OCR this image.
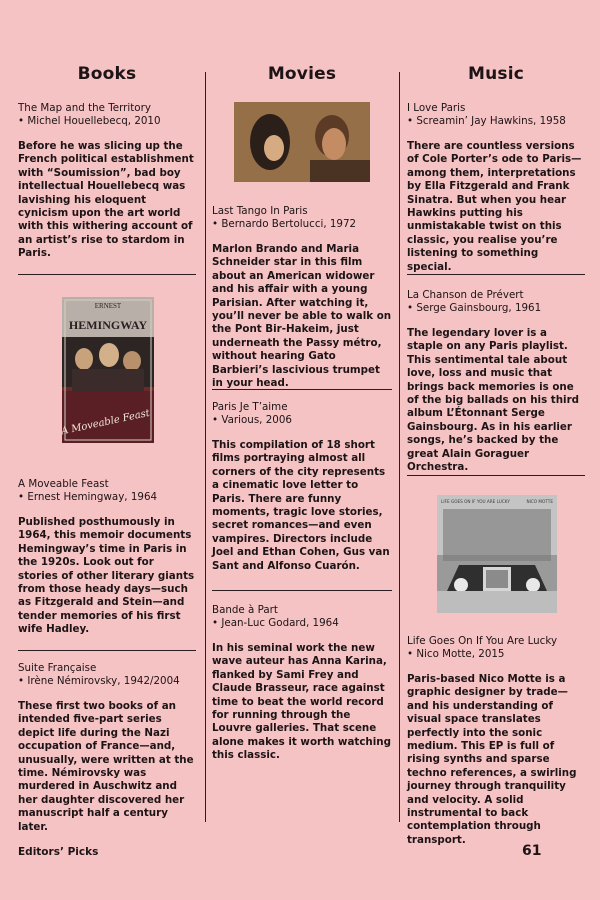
Books	Movies	Music
The Map and the Territory
• Michel Houellebecq, 2010
Before he was slicing up the French political establishment with “Soumission”, bad boy intellectual Houellebecq was lavishing his eloquent cynicism upon the art world with this withering account of an artist’s rise to stardom in Paris.
ERNEST
HEMINGWAY
A Moveable Feast
A Moveable Feast
• Ernest Hemingway, 1964
Published posthumously in 1964, this memoir documents Hemingway’s time in Paris in the 1920s. Look out for stories of other literary giants from those heady days—such as Fitzgerald and Stein—and tender memories of his first wife Hadley.
Suite Française
• Irène Némirovsky, 1942/2004
These first two books of an intended five-part series depict life during the Nazi occupation of France—and, unusually, were written at the time. Némirovsky was murdered in Auschwitz and her daughter discovered her manuscript half a century later.
Last Tango In Paris
• Bernardo Bertolucci, 1972
Marlon Brando and Maria Schneider star in this film about an American widower and his affair with a young Parisian. After watching it, you’ll never be able to walk on the Pont Bir-Hakeim, just underneath the Passy métro, without hearing Gato Barbieri’s lascivious trumpet in your head.
Paris Je T’aime
• Various, 2006
This compilation of 18 short films portraying almost all corners of the city represents a cinematic love letter to Paris. There are funny moments, tragic love stories, secret romances—and even vampires. Directors include Joel and Ethan Cohen, Gus van Sant and Alfonso Cuarón.
Bande à Part
• Jean-Luc Godard, 1964
In his seminal work the new wave auteur has Anna Karina, flanked by Sami Frey and Claude Brasseur, race against time to beat the world record for running through the Louvre galleries. That scene alone makes it worth watching this classic.
I Love Paris
• Screamin’ Jay Hawkins, 1958
There are countless versions of Cole Porter’s ode to Paris—among them, interpretations by Ella Fitzgerald and Frank Sinatra. But when you hear Hawkins putting his unmistakable twist on this classic, you realise you’re listening to something special.
La Chanson de Prévert
• Serge Gainsbourg, 1961
The legendary lover is a staple on any Paris playlist. This sentimental tale about love, loss and music that brings back memories is one of the big ballads on his third album L’Étonnant Serge Gainsbourg. As in his earlier songs, he’s backed by the great Alain Goraguer Orchestra.
LIFE GOES ON IF YOU ARE LUCKY	NICO MOTTE
Life Goes On If You Are Lucky
• Nico Motte, 2015
Paris-based Nico Motte is a graphic designer by trade—and his understanding of visual space translates perfectly into the sonic medium. This EP is full of rising synths and sparse techno references, a swirling journey through tranquility and velocity. A solid instrumental to back contemplation through transport.
Editors’ Picks	61
